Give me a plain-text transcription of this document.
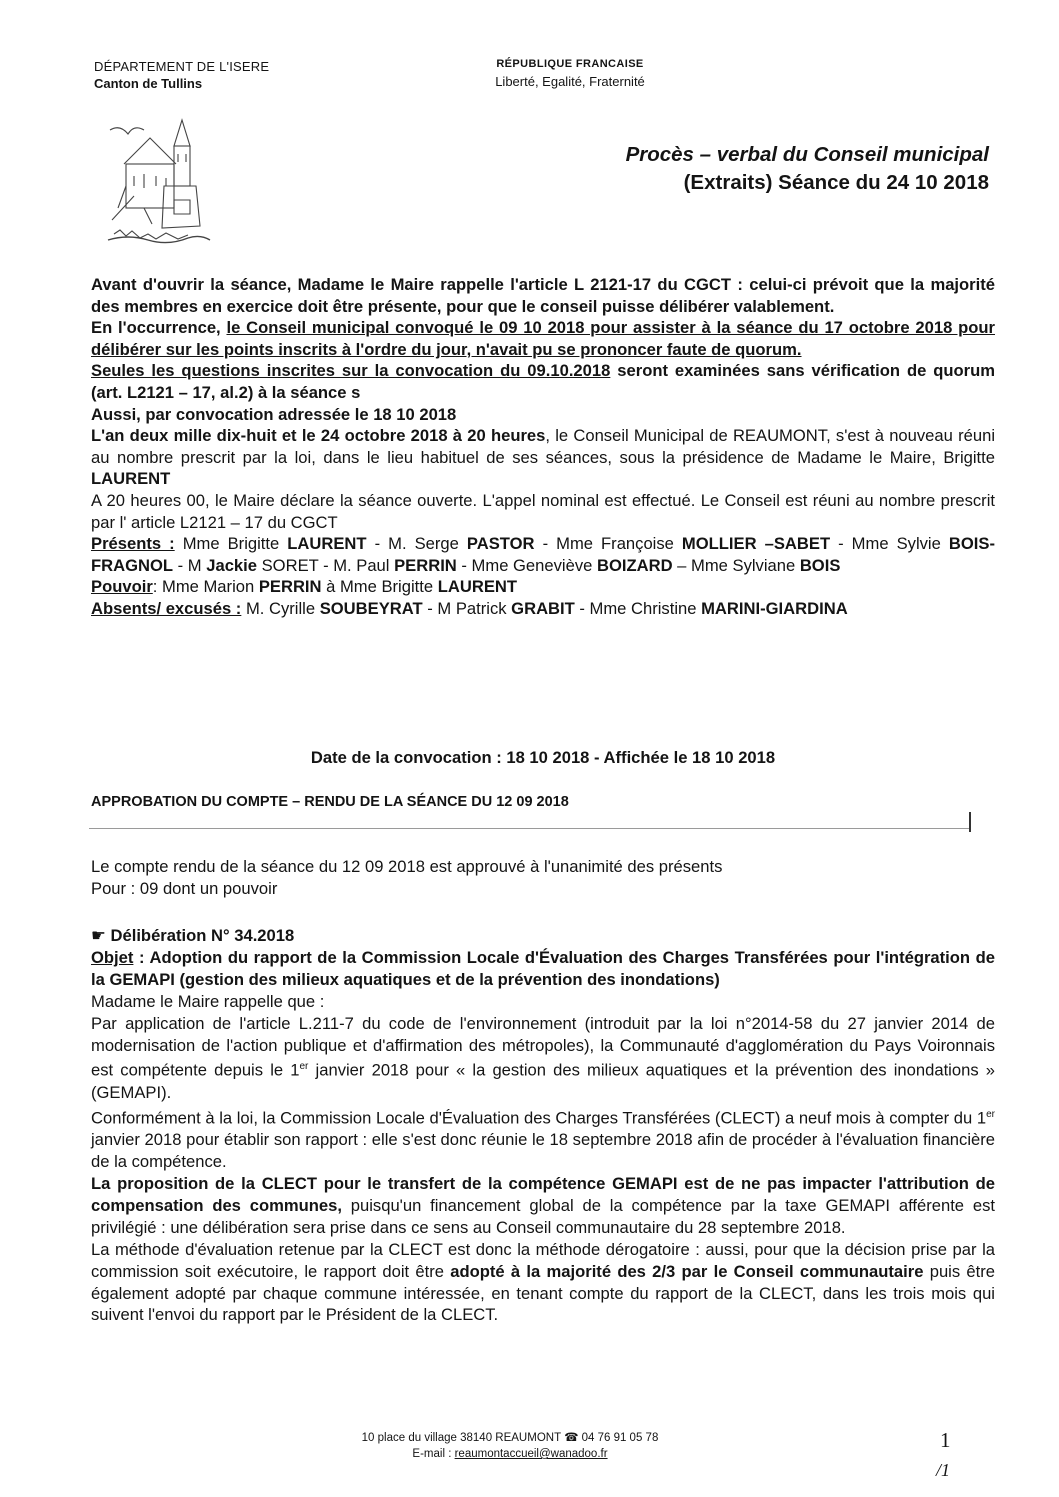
DÉPARTEMENT DE L'ISERE
Canton de Tullins
RÉPUBLIQUE FRANCAISE
Liberté, Egalité, Fraternité
Procès – verbal du Conseil municipal
(Extraits) Séance du 24 10 2018

Avant d'ouvrir la séance, Madame le Maire rappelle l'article L 2121-17 du CGCT : celui-ci prévoit que la majorité des membres en exercice doit être présente, pour que le conseil puisse délibérer valablement.

En l'occurrence, le Conseil municipal convoqué le 09 10 2018 pour assister à la séance du 17 octobre 2018 pour délibérer sur les points inscrits à l'ordre du jour, n'avait pu se prononcer faute de quorum.

Seules les questions inscrites sur la convocation du 09.10.2018 seront examinées sans vérification de quorum (art. L2121 – 17, al.2) à la séance s

Aussi, par convocation adressée le 18 10 2018

L'an deux mille dix-huit et le 24 octobre 2018 à 20 heures, le Conseil Municipal de REAUMONT, s'est à nouveau réuni au nombre prescrit par la loi, dans le lieu habituel de ses séances, sous la présidence de Madame le Maire, Brigitte LAURENT

A 20 heures 00, le Maire déclare la séance ouverte. L'appel nominal est effectué. Le Conseil est réuni au nombre prescrit par l' article L2121 – 17 du CGCT

Présents : Mme Brigitte LAURENT - M. Serge PASTOR - Mme Françoise MOLLIER –SABET - Mme Sylvie BOIS-FRAGNOL - M Jackie SORET - M. Paul PERRIN - Mme Geneviève BOIZARD – Mme Sylviane BOIS

Pouvoir: Mme Marion PERRIN à Mme Brigitte LAURENT

Absents/ excusés : M. Cyrille SOUBEYRAT - M Patrick GRABIT - Mme Christine MARINI-GIARDINA

Date de la convocation : 18 10 2018 - Affichée le 18 10 2018
APPROBATION DU COMPTE – RENDU DE LA SÉANCE DU 12 09 2018

Le compte rendu de la séance du 12 09 2018 est approuvé à l'unanimité des présents

Pour : 09 dont un pouvoir

☛ Délibération N° 34.2018

Objet : Adoption du rapport de la Commission Locale d'Évaluation des Charges Transférées pour l'intégration de la GEMAPI (gestion des milieux aquatiques et de la prévention des inondations)

Madame le Maire rappelle que :

Par application de l'article L.211-7 du code de l'environnement (introduit par la loi n°2014-58 du 27 janvier 2014 de modernisation de l'action publique et d'affirmation des métropoles), la Communauté d'agglomération du Pays Voironnais est compétente depuis le 1er janvier 2018 pour « la gestion des milieux aquatiques et la prévention des inondations » (GEMAPI).

Conformément à la loi, la Commission Locale d'Évaluation des Charges Transférées (CLECT) a neuf mois à compter du 1er janvier 2018 pour établir son rapport : elle s'est donc réunie le 18 septembre 2018 afin de procéder à l'évaluation financière de la compétence.

La proposition de la CLECT pour le transfert de la compétence GEMAPI est de ne pas impacter l'attribution de compensation des communes, puisqu'un financement global de la compétence par la taxe GEMAPI afférente est privilégié : une délibération sera prise dans ce sens au Conseil communautaire du 28 septembre 2018.

La méthode d'évaluation retenue par la CLECT est donc la méthode dérogatoire : aussi, pour que la décision prise par la commission soit exécutoire, le rapport doit être adopté à la majorité des 2/3 par le Conseil communautaire puis être également adopté par chaque commune intéressée, en tenant compte du rapport de la CLECT, dans les trois mois qui suivent l'envoi du rapport par le Président de la CLECT.

10 place du village 38140 REAUMONT ☎ 04 76 91 05 78
E-mail : reaumontaccueil@wanadoo.fr
1
/1
